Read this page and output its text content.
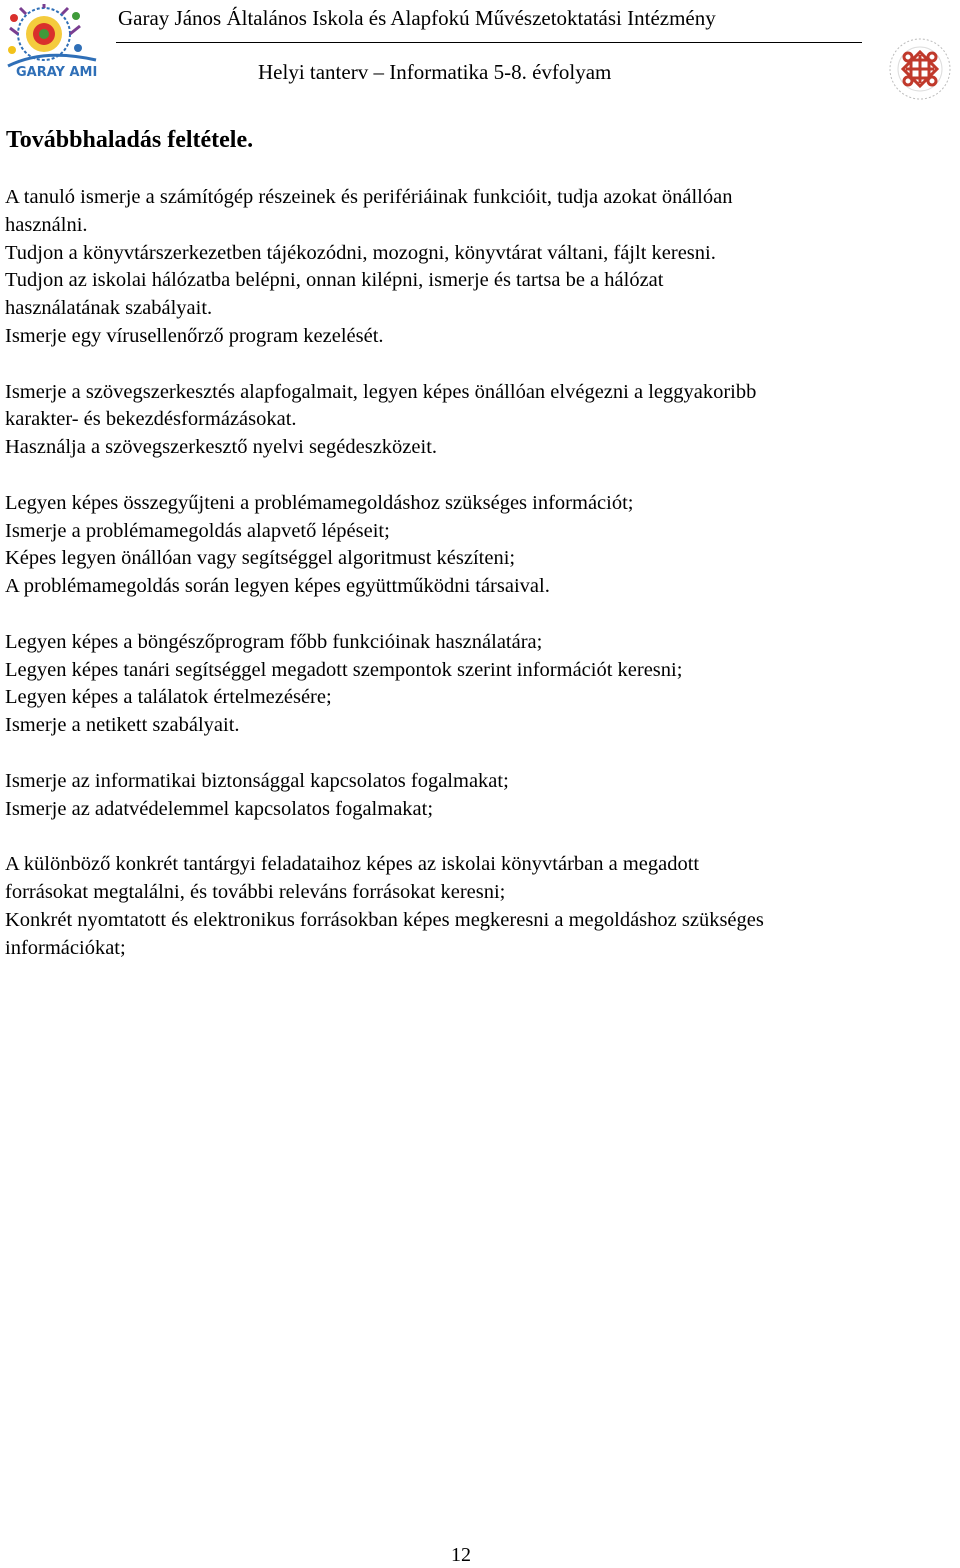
GARAY AMI
Garay János Általános Iskola és Alapfokú Művészetoktatási Intézmény
Helyi tanterv – Informatika 5-8. évfolyam
Továbbhaladás feltétele.

A tanuló ismerje a számítógép részeinek és perifériáinak funkcióit, tudja azokat önállóan
használni.
Tudjon a könyvtárszerkezetben tájékozódni, mozogni, könyvtárat váltani, fájlt keresni.
Tudjon az iskolai hálózatba belépni, onnan kilépni, ismerje és tartsa be a hálózat
használatának szabályait.
Ismerje egy vírusellenőrző program kezelését.

Ismerje a szövegszerkesztés alapfogalmait, legyen képes önállóan elvégezni a leggyakoribb
karakter- és bekezdésformázásokat.
Használja a szövegszerkesztő nyelvi segédeszközeit.

Legyen képes összegyűjteni a problémamegoldáshoz szükséges információt;
Ismerje a problémamegoldás alapvető lépéseit;
Képes legyen önállóan vagy segítséggel algoritmust készíteni;
A problémamegoldás során legyen képes együttműködni társaival.

Legyen képes a böngészőprogram főbb funkcióinak használatára;
Legyen képes tanári segítséggel megadott szempontok szerint információt keresni;
Legyen képes a találatok értelmezésére;
Ismerje a netikett szabályait.

Ismerje az informatikai biztonsággal kapcsolatos fogalmakat;
Ismerje az adatvédelemmel kapcsolatos fogalmakat;

A különböző konkrét tantárgyi feladataihoz képes az iskolai könyvtárban a megadott
forrásokat megtalálni, és további releváns forrásokat keresni;
Konkrét nyomtatott és elektronikus forrásokban képes megkeresni a megoldáshoz szükséges
információkat;

12
